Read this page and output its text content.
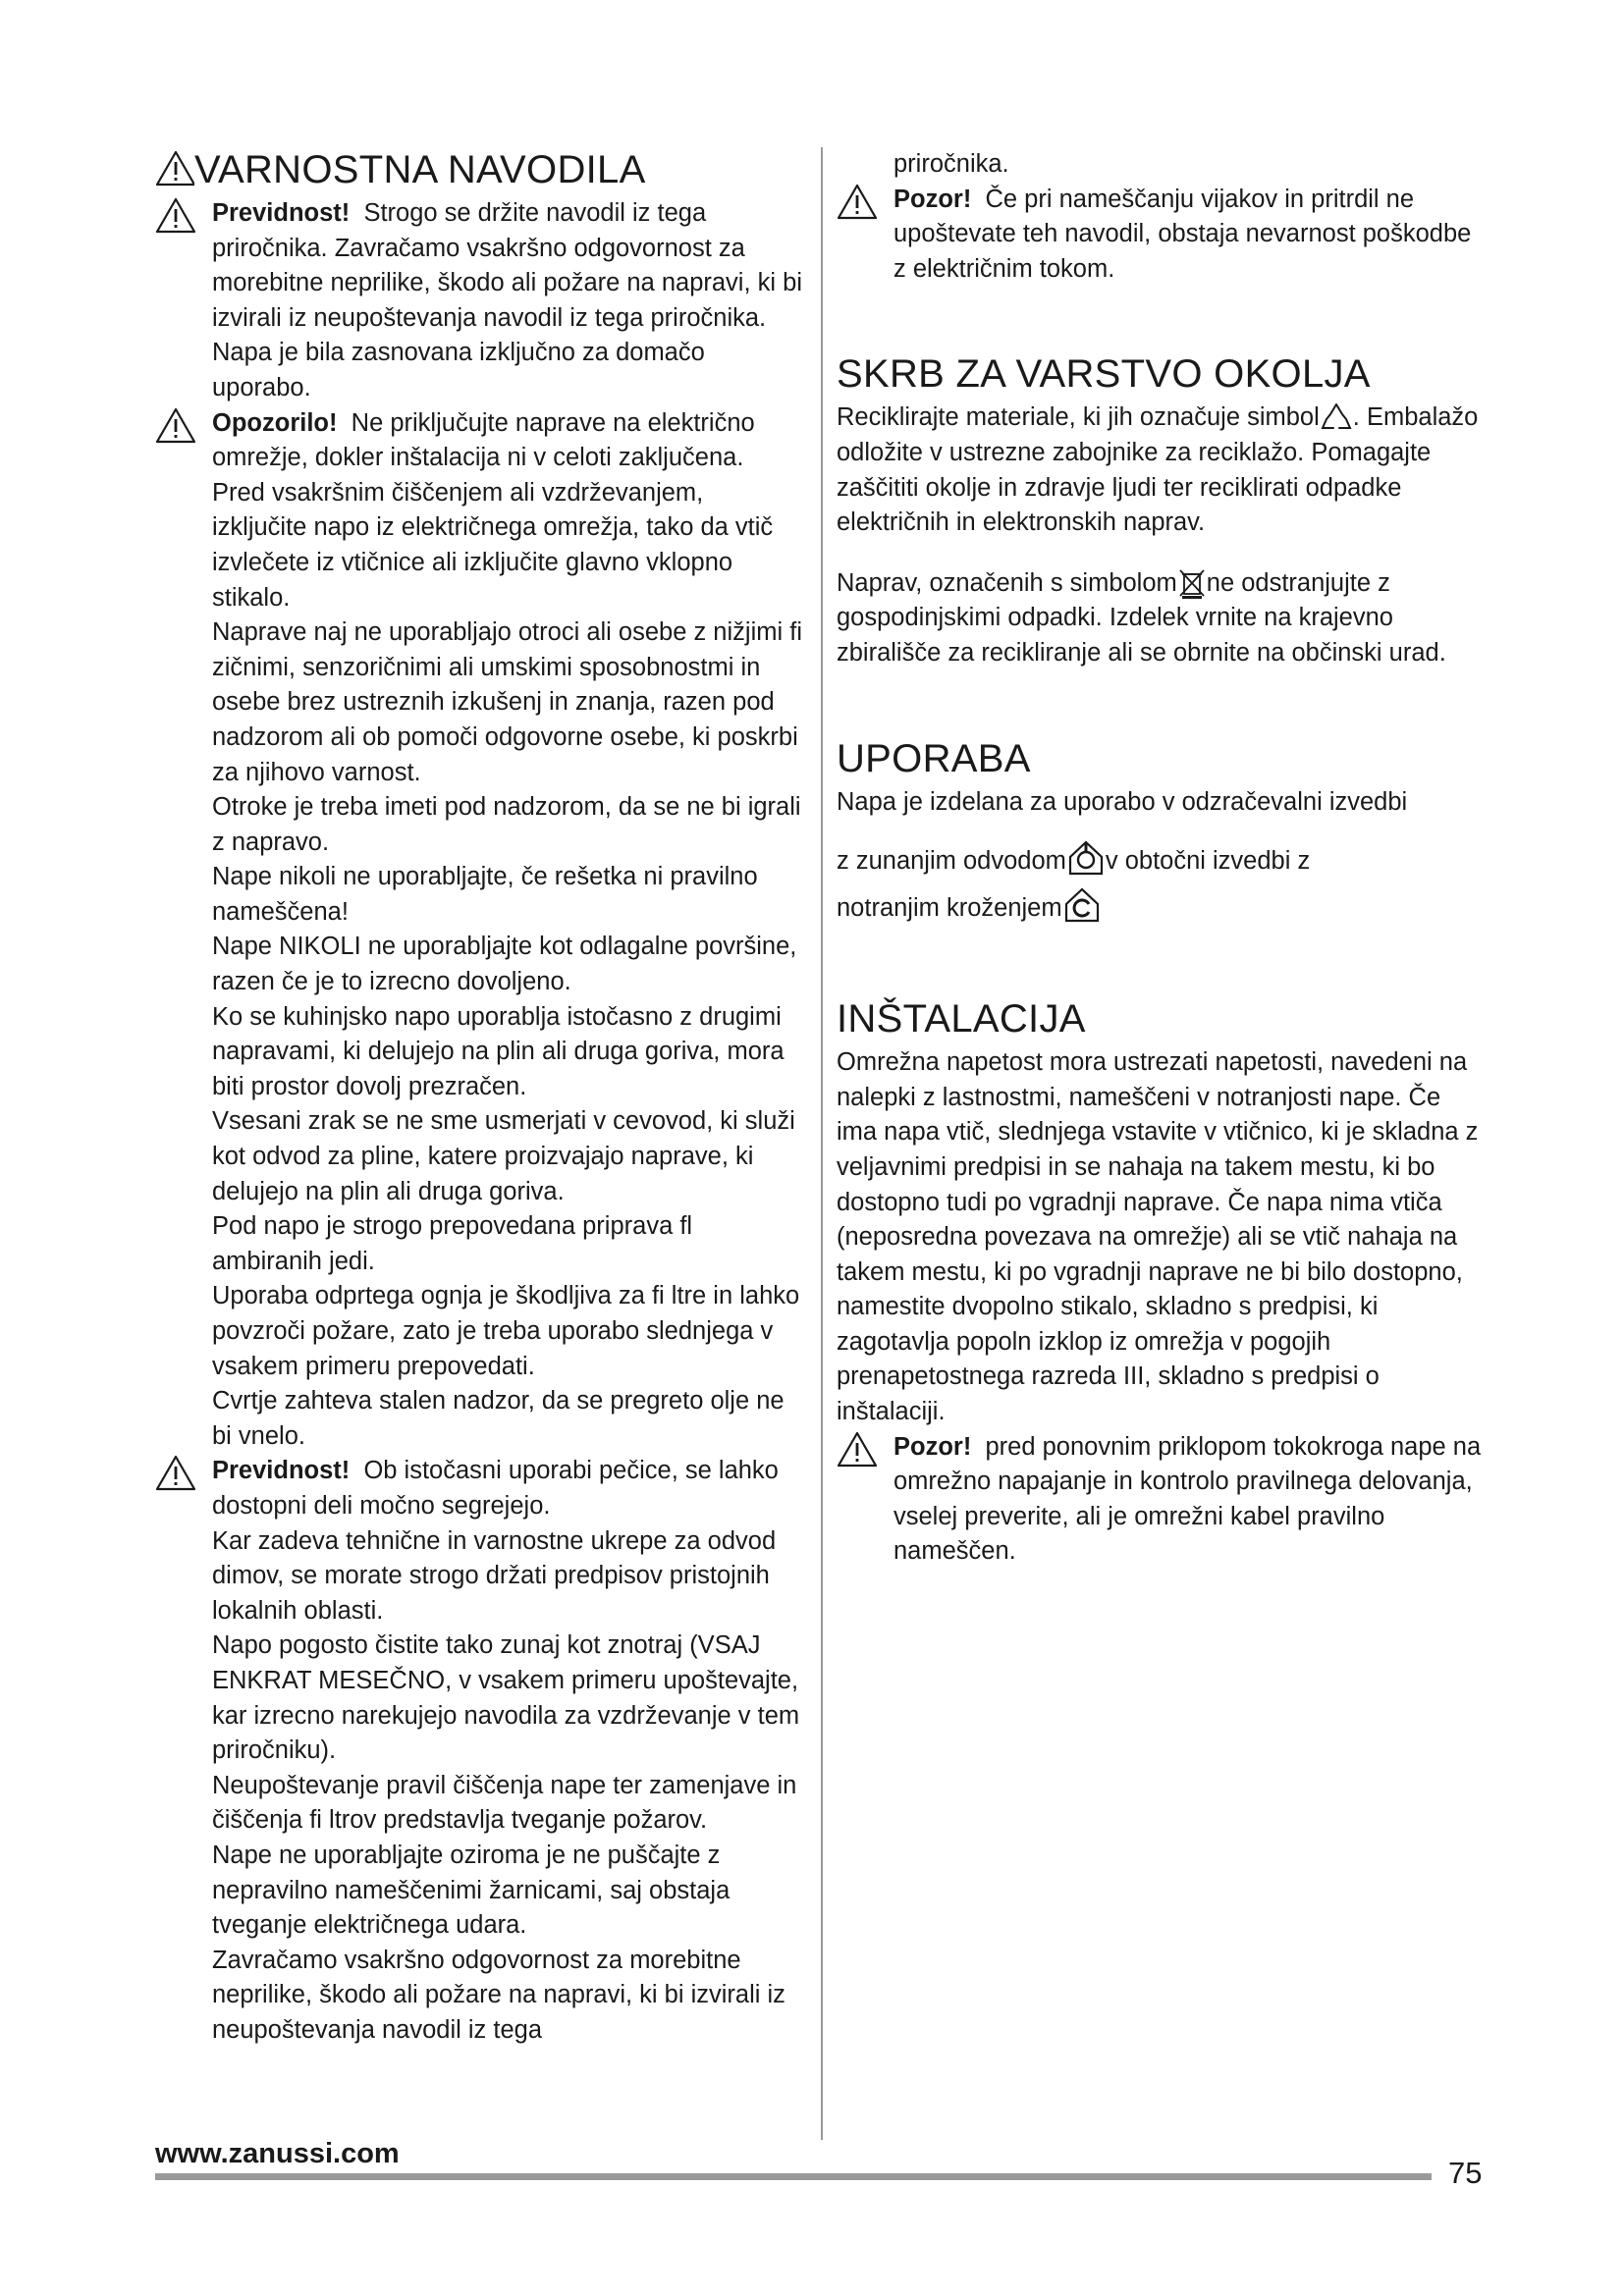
VARNOSTNA NAVODILA

Previdnost! Strogo se držite navodil iz tega priročnika. Zavračamo vsakršno odgovornost za morebitne neprilike, škodo ali požare na napravi, ki bi izvirali iz neupoštevanja navodil iz tega priročnika. Napa je bila zasnovana izključno za domačo uporabo.

Opozorilo! Ne priključujte naprave na električno omrežje, dokler inštalacija ni v celoti zaključena. Pred vsakršnim čiščenjem ali vzdrževanjem, izključite napo iz električnega omrežja, tako da vtič izvlečete iz vtičnice ali izključite glavno vklopno stikalo.

Naprave naj ne uporabljajo otroci ali osebe z nižjimi fi zičnimi, senzoričnimi ali umskimi sposobnostmi in osebe brez ustreznih izkušenj in znanja, razen pod nadzorom ali ob pomoči odgovorne osebe, ki poskrbi za njihovo varnost.

Otroke je treba imeti pod nadzorom, da se ne bi igrali z napravo.

Nape nikoli ne uporabljajte, če rešetka ni pravilno nameščena!

Nape NIKOLI ne uporabljajte kot odlagalne površine, razen če je to izrecno dovoljeno.

Ko se kuhinjsko napo uporablja istočasno z drugimi napravami, ki delujejo na plin ali druga goriva, mora biti prostor dovolj prezračen.

Vsesani zrak se ne sme usmerjati v cevovod, ki služi kot odvod za pline, katere proizvajajo naprave, ki delujejo na plin ali druga goriva.

Pod napo je strogo prepovedana priprava fl ambiranih jedi.

Uporaba odprtega ognja je škodljiva za fi ltre in lahko povzroči požare, zato je treba uporabo slednjega v vsakem primeru prepovedati.

Cvrtje zahteva stalen nadzor, da se pregreto olje ne bi vnelo.

Previdnost! Ob istočasni uporabi pečice, se lahko dostopni deli močno segrejejo.

Kar zadeva tehnične in varnostne ukrepe za odvod dimov, se morate strogo držati predpisov pristojnih lokalnih oblasti.

Napo pogosto čistite tako zunaj kot znotraj (VSAJ ENKRAT MESEČNO, v vsakem primeru upoštevajte, kar izrecno narekujejo navodila za vzdrževanje v tem priročniku).

Neupoštevanje pravil čiščenja nape ter zamenjave in čiščenja fi ltrov predstavlja tveganje požarov.

Nape ne uporabljajte oziroma je ne puščajte z nepravilno nameščenimi žarnicami, saj obstaja tveganje električnega udara.

Zavračamo vsakršno odgovornost za morebitne neprilike, škodo ali požare na napravi, ki bi izvirali iz neupoštevanja navodil iz tega

priročnika.

Pozor! Če pri nameščanju vijakov in pritrdil ne upoštevate teh navodil, obstaja nevarnost poškodbe z električnim tokom.

SKRB ZA VARSTVO OKOLJA

Reciklirajte materiale, ki jih označuje simbol . Embalažo odložite v ustrezne zabojnike za reciklažo. Pomagajte zaščititi okolje in zdravje ljudi ter reciklirati odpadke električnih in elektronskih naprav.

Naprav, označenih s simbolom ne odstranjujte z gospodinjskimi odpadki. Izdelek vrnite na krajevno zbirališče za recikliranje ali se obrnite na občinski urad.

UPORABA

Napa je izdelana za uporabo v odzračevalni izvedbi

z zunanjim odvodom v obtočni izvedbi z

notranjim kroženjem

INŠTALACIJA

Omrežna napetost mora ustrezati napetosti, navedeni na nalepki z lastnostmi, nameščeni v notranjosti nape. Če ima napa vtič, slednjega vstavite v vtičnico, ki je skladna z veljavnimi predpisi in se nahaja na takem mestu, ki bo dostopno tudi po vgradnji naprave. Če napa nima vtiča (neposredna povezava na omrežje) ali se vtič nahaja na takem mestu, ki po vgradnji naprave ne bi bilo dostopno, namestite dvopolno stikalo, skladno s predpisi, ki zagotavlja popoln izklop iz omrežja v pogojih prenapetostnega razreda III, skladno s predpisi o inštalaciji.

Pozor! pred ponovnim priklopom tokokroga nape na omrežno napajanje in kontrolo pravilnega delovanja, vselej preverite, ali je omrežni kabel pravilno nameščen.

www.zanussi.com
75
